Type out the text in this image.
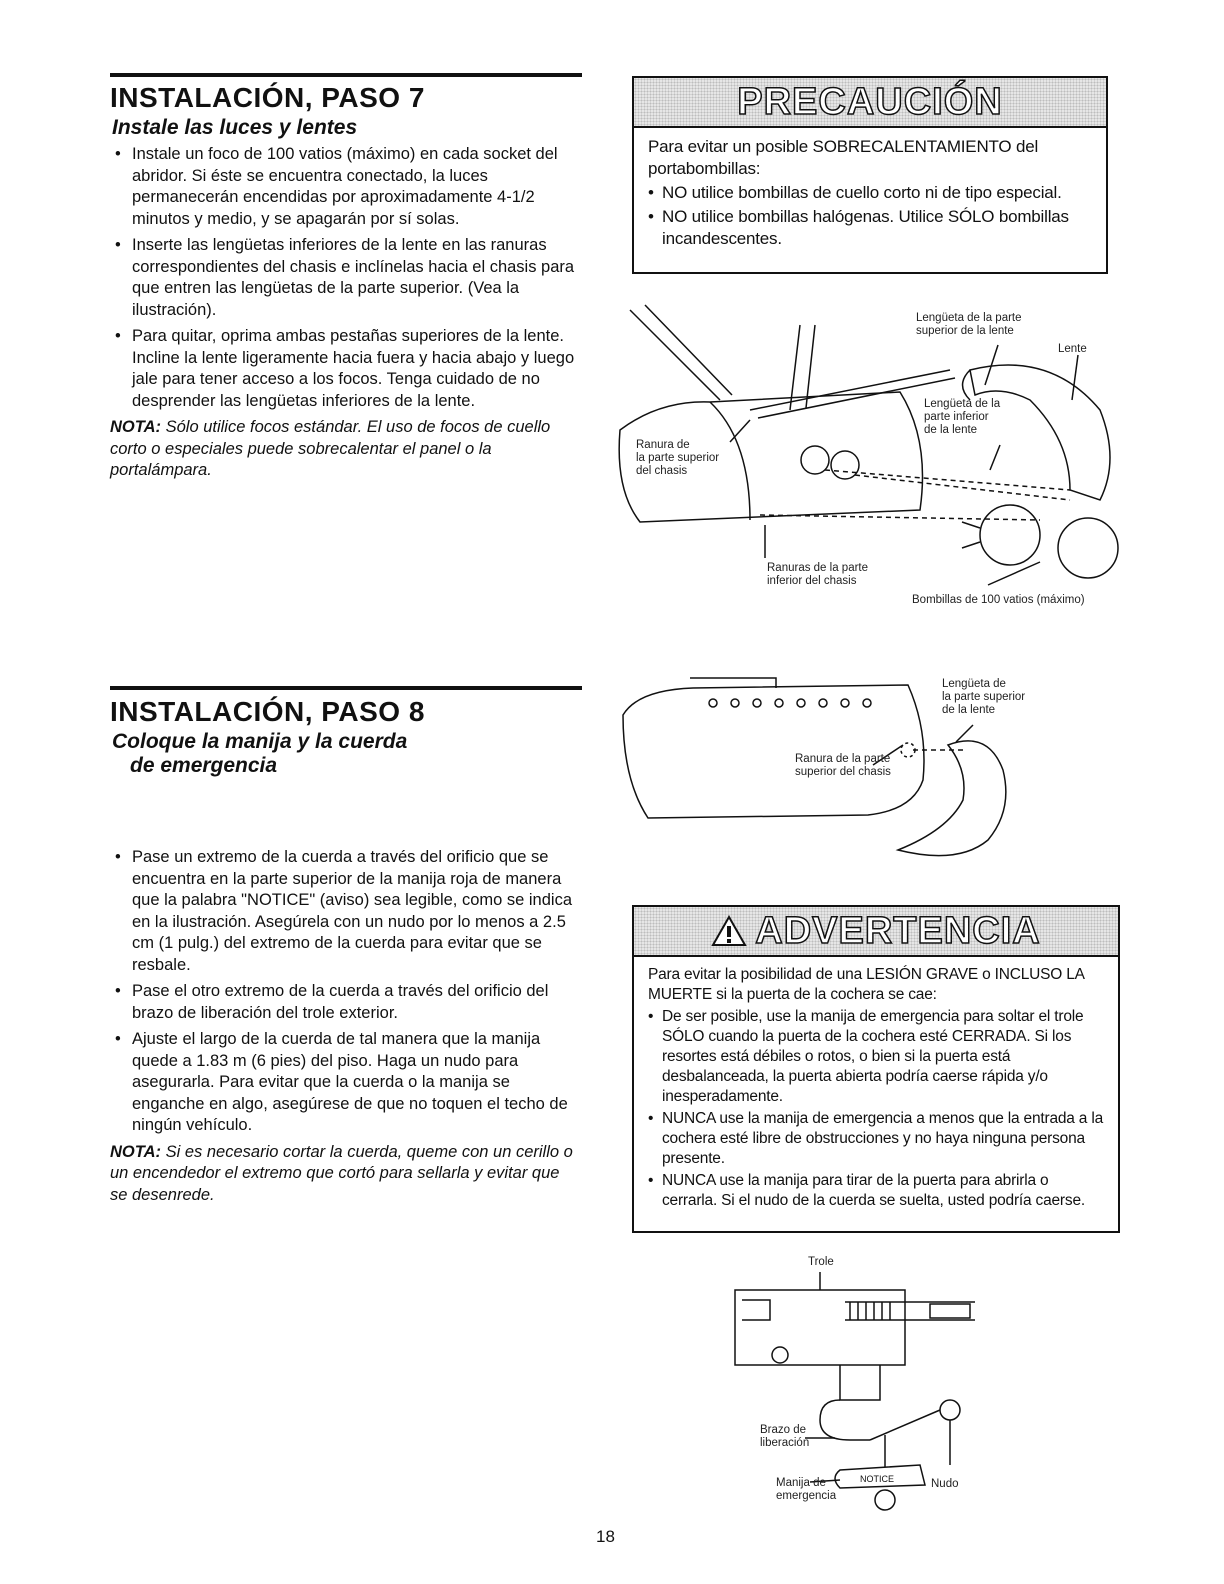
INSTALACIÓN, PASO 7
Instale las luces y lentes
• Instale un foco de 100 vatios (máximo) en cada socket del abridor. Si éste se encuentra conectado, la luces permanecerán encendidas por aproximadamente 4-1/2 minutos y medio, y se apagarán por sí solas.
• Inserte las lengüetas inferiores de la lente en las ranuras correspondientes del chasis e inclínelas hacia el chasis para que entren las lengüetas de la parte superior. (Vea la ilustración).
• Para quitar, oprima ambas pestañas superiores de la lente. Incline la lente ligeramente hacia fuera y hacia abajo y luego jale para tener acceso a los focos. Tenga cuidado de no desprender las lengüetas inferiores de la lente.

NOTA: Sólo utilice focos estándar. El uso de focos de cuello corto o especiales puede sobrecalentar el panel o la portalámpara.

PRECAUCIÓN

Para evitar un posible SOBRECALENTAMIENTO del portabombillas:

• NO utilice bombillas de cuello corto ni de tipo especial.
• NO utilice bombillas halógenas. Utilice SÓLO bombillas incandescentes.
Lengüeta de la parte
superior de la lente
Lente
Lengüeta de la
parte inferior
de la lente
Ranura de
la parte superior
del chasis
Ranuras de la parte
inferior del chasis
Bombillas de 100 vatios (máximo)
Lengüeta de
la parte superior
de la lente
Ranura de la parte
superior del chasis
INSTALACIÓN, PASO 8
Coloque la manija y la cuerda
de emergencia
• Pase un extremo de la cuerda a través del orificio que se encuentra en la parte superior de la manija roja de manera que la palabra "NOTICE" (aviso) sea legible, como se indica en la ilustración. Asegúrela con un nudo por lo menos a 2.5 cm (1 pulg.) del extremo de la cuerda para evitar que se resbale.
• Pase el otro extremo de la cuerda a través del orificio del brazo de liberación del trole exterior.
• Ajuste el largo de la cuerda de tal manera que la manija quede a 1.83 m (6 pies) del piso. Haga un nudo para asegurarla. Para evitar que la cuerda o la manija se enganche en algo, asegúrese de que no toquen el techo de ningún vehículo.

NOTA: Si es necesario cortar la cuerda, queme con un cerillo o un encendedor el extremo que cortó para sellarla y evitar que se desenrede.

ADVERTENCIA

Para evitar la posibilidad de una LESIÓN GRAVE o INCLUSO LA MUERTE si la puerta de la cochera se cae:

• De ser posible, use la manija de emergencia para soltar el trole SÓLO cuando la puerta de la cochera esté CERRADA. Si los resortes está débiles o rotos, o bien si la puerta está desbalanceada, la puerta abierta podría caerse rápida y/o inesperadamente.
• NUNCA use la manija de emergencia a menos que la entrada a la cochera esté libre de obstrucciones y no haya ninguna persona presente.
• NUNCA use la manija para tirar de la puerta para abrirla o cerrarla. Si el nudo de la cuerda se suelta, usted podría caerse.
NOTICE
Trole
Brazo de
liberación
Manija de
emergencia
Nudo
18
